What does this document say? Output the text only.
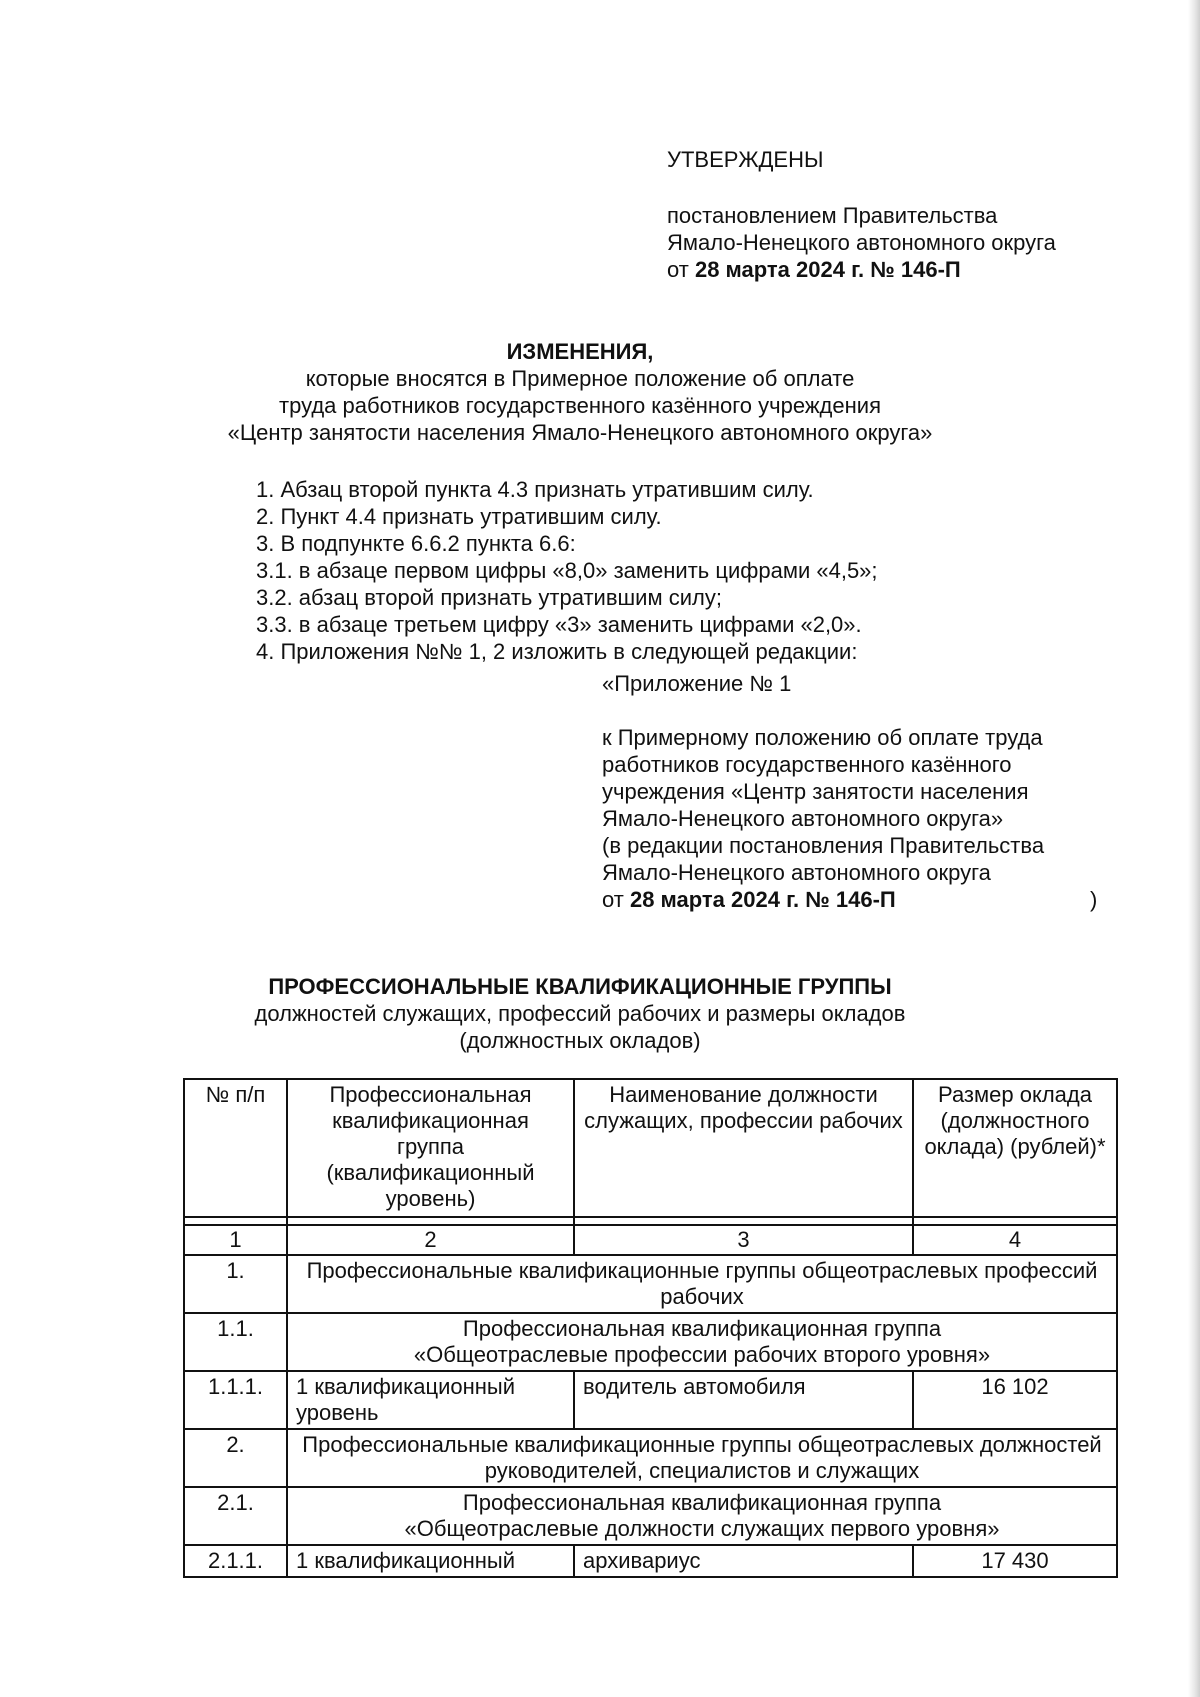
УТВЕРЖДЕНЫ
постановлением Правительства
Ямало-Ненецкого автономного округа
от 28 марта 2024 г. № 146-П
ИЗМЕНЕНИЯ,
которые вносятся в Примерное положение об оплате
труда работников государственного казённого учреждения
«Центр занятости населения Ямало-Ненецкого автономного округа»
1. Абзац второй пункта 4.3 признать утратившим силу.
2. Пункт 4.4 признать утратившим силу.
3. В подпункте 6.6.2 пункта 6.6:
3.1. в абзаце первом цифры «8,0» заменить цифрами «4,5»;
3.2. абзац второй признать утратившим силу;
3.3. в абзаце третьем цифру «3» заменить цифрами «2,0».
4. Приложения №№ 1, 2 изложить в следующей редакции:
«Приложение № 1
к Примерному положению об оплате труда
работников государственного казённого
учреждения «Центр занятости населения
Ямало-Ненецкого автономного округа»
(в редакции постановления Правительства
Ямало-Ненецкого автономного округа
от 28 марта 2024 г. № 146-П	)
ПРОФЕССИОНАЛЬНЫЕ КВАЛИФИКАЦИОННЫЕ ГРУППЫ
должностей служащих, профессий рабочих и размеры окладов
(должностных окладов)
№ п/п	Профессиональная квалификационная группа (квалификационный уровень)	Наименование должности служащих, профессии рабочих	Размер оклада (должностного оклада) (рублей)*

1	2	3	4
1.	Профессиональные квалификационные группы общеотраслевых профессий рабочих		
1.1.	Профессиональная квалификационная группа
«Общеотраслевые профессии рабочих второго уровня»		

1.1.1.	1 квалификационный уровень	водитель автомобиля	16 102
2.	Профессиональные квалификационные группы общеотраслевых должностей руководителей, специалистов и служащих		
2.1.	Профессиональная квалификационная группа
«Общеотраслевые должности служащих первого уровня»		

2.1.1.	1 квалификационный	архивариус	17 430
